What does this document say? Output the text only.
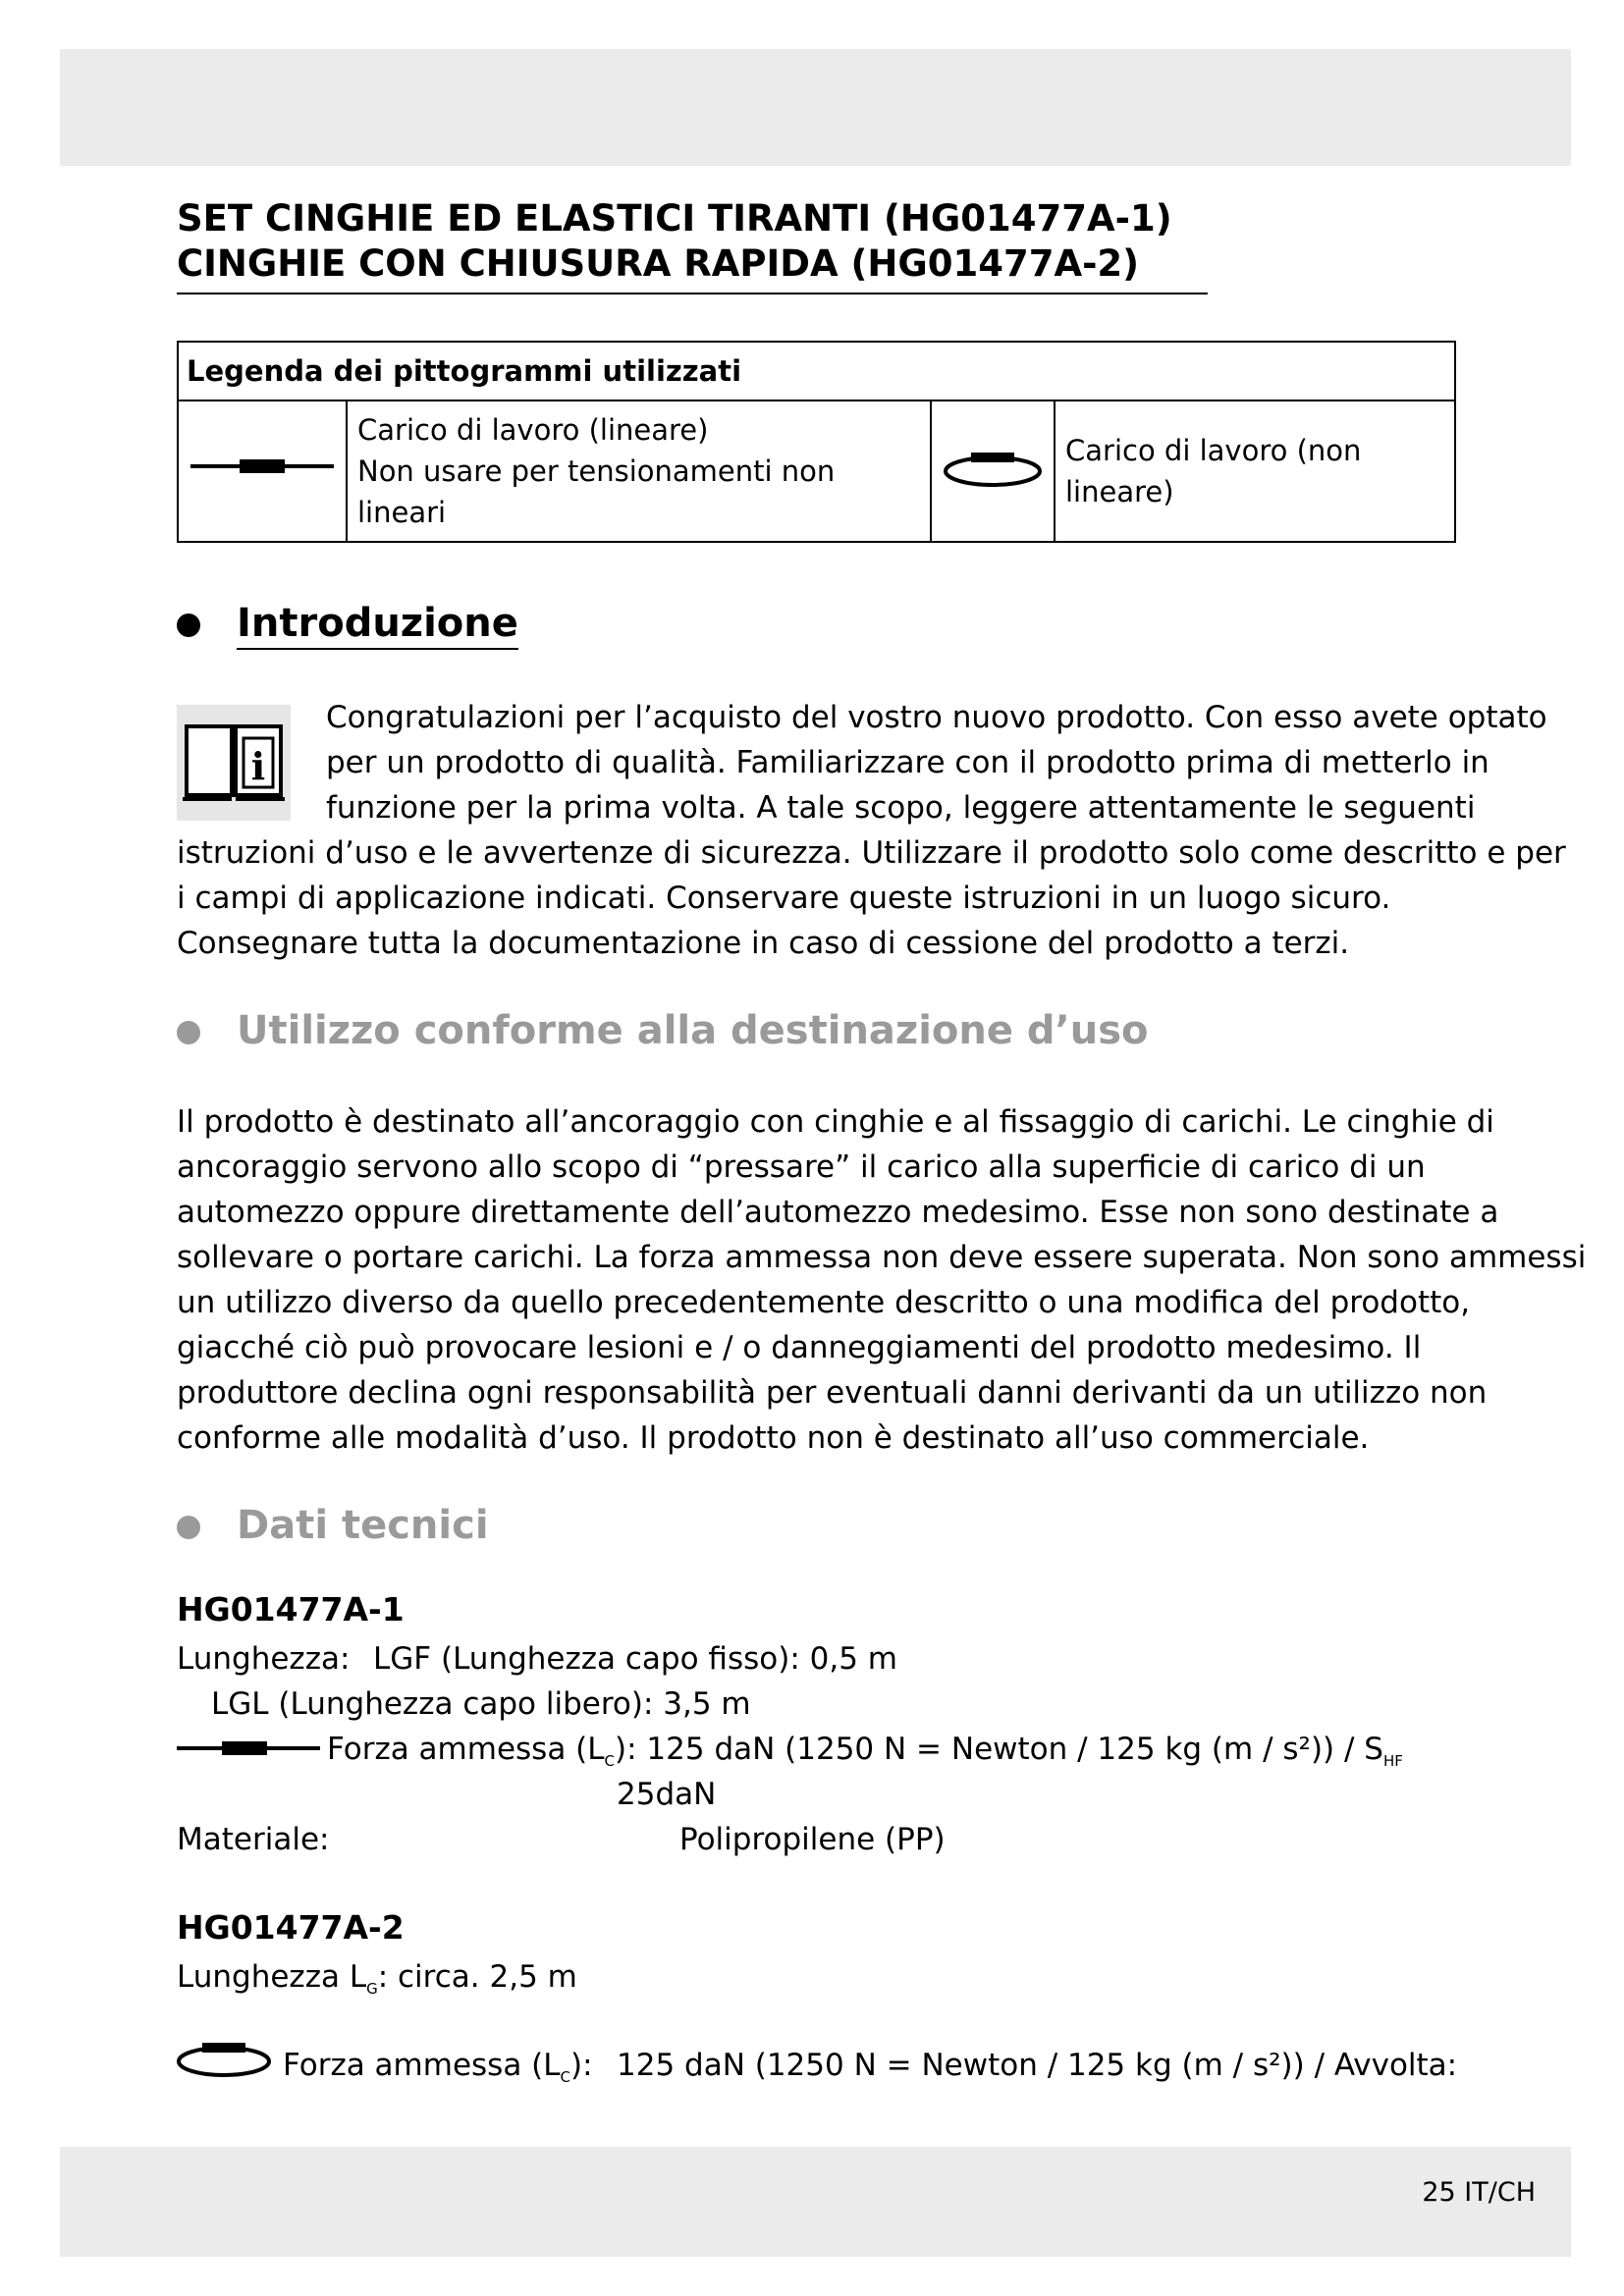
SET CINGHIE ED ELASTICI TIRANTI (HG01477A-1)
CINGHIE CON CHIUSURA RAPIDA (HG01477A-2)
Legenda dei pittogrammi utilizzati

Carico di lavoro (lineare)
Non usare per tensionamenti non lineari

Carico di lavoro (non
lineare)
Introduzione
i
Congratulazioni per l’acquisto del vostro nuovo prodotto. Con esso avete optato
per un prodotto di qualità. Familiarizzare con il prodotto prima di metterlo in
funzione per la prima volta. A tale scopo, leggere attentamente le seguenti
istruzioni d’uso e le avvertenze di sicurezza. Utilizzare il prodotto solo come descritto e per
i campi di applicazione indicati. Conservare queste istruzioni in un luogo sicuro.
Consegnare tutta la documentazione in caso di cessione del prodotto a terzi.
Utilizzo conforme alla destinazione d’uso
Il prodotto è destinato all’ancoraggio con cinghie e al fissaggio di carichi. Le cinghie di
ancoraggio servono allo scopo di “pressare” il carico alla superficie di carico di un
automezzo oppure direttamente dell’automezzo medesimo. Esse non sono destinate a
sollevare o portare carichi. La forza ammessa non deve essere superata. Non sono ammessi
un utilizzo diverso da quello precedentemente descritto o una modifica del prodotto,
giacché ciò può provocare lesioni e / o danneggiamenti del prodotto medesimo. Il
produttore declina ogni responsabilità per eventuali danni derivanti da un utilizzo non
conforme alle modalità d’uso. Il prodotto non è destinato all’uso commerciale.
Dati tecnici
HG01477A-1
Lunghezza: LGF (Lunghezza capo fisso): 0,5 m
LGL (Lunghezza capo libero): 3,5 m
Forza ammessa $(L_C)$: 125 daN (1250 N = Newton / 125 kg $(m / s^2)) / S_{HF}$
25daN
Materiale:	Polipropilene (PP)
HG01477A-2
Lunghezza $L_G$: circa. 2,5 m
Forza ammessa $(L_C)$: 125 daN (1250 N = Newton / 125 kg (m / s²)) / Avvolta:
25 IT/CH
